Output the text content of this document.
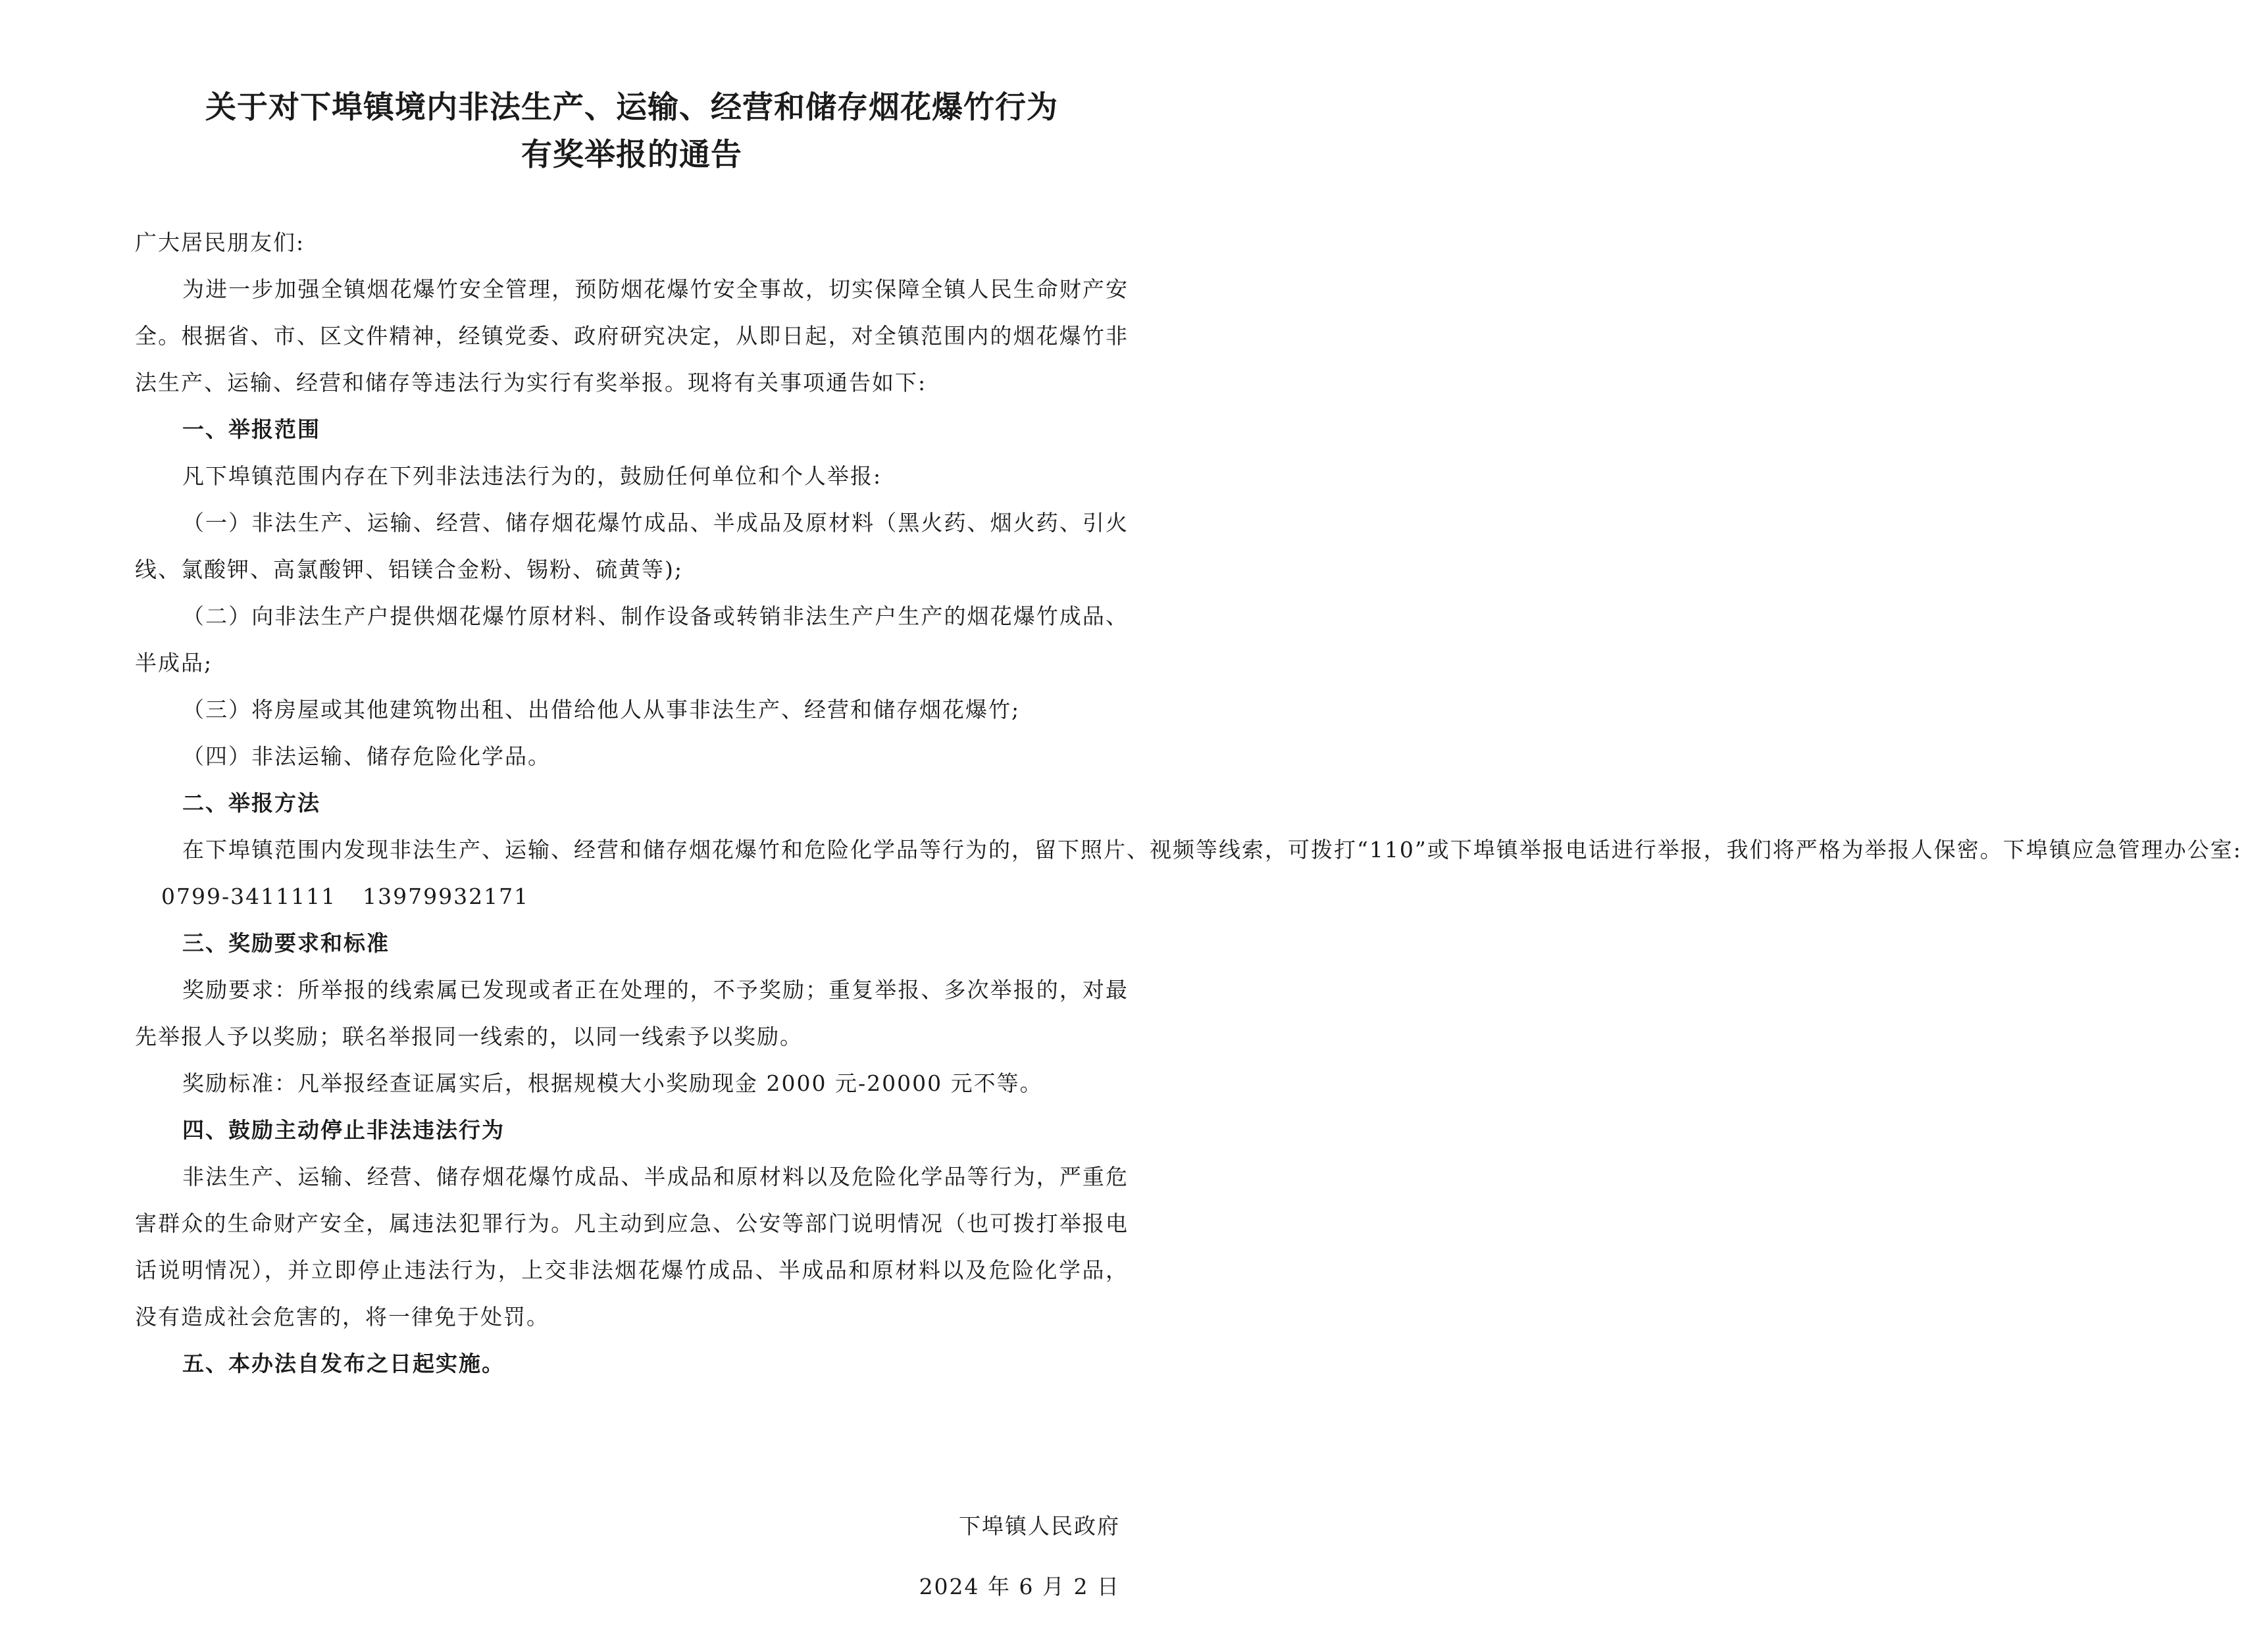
关于对下埠镇境内非法生产、运输、经营和储存烟花爆竹行为
有奖举报的通告

广大居民朋友们:

为进一步加强全镇烟花爆竹安全管理，预防烟花爆竹安全事故，切实保障全镇人民生命财产安全。根据省、市、区文件精神，经镇党委、政府研究决定，从即日起，对全镇范围内的烟花爆竹非法生产、运输、经营和储存等违法行为实行有奖举报。现将有关事项通告如下:

一、举报范围

凡下埠镇范围内存在下列非法违法行为的，鼓励任何单位和个人举报:

（一）非法生产、运输、经营、储存烟花爆竹成品、半成品及原材料（黑火药、烟火药、引火线、氯酸钾、高氯酸钾、铝镁合金粉、锡粉、硫黄等);

（二）向非法生产户提供烟花爆竹原材料、制作设备或转销非法生产户生产的烟花爆竹成品、半成品;

（三）将房屋或其他建筑物出租、出借给他人从事非法生产、经营和储存烟花爆竹;

（四）非法运输、储存危险化学品。

二、举报方法

在下埠镇范围内发现非法生产、运输、经营和储存烟花爆竹和危险化学品等行为的，留下照片、视频等线索，可拨打“110”或下埠镇举报电话进行举报，我们将严格为举报人保密。下埠镇应急管理办公室:0799-3411111 13979932171

三、奖励要求和标准

奖励要求：所举报的线索属已发现或者正在处理的，不予奖励；重复举报、多次举报的，对最先举报人予以奖励；联名举报同一线索的，以同一线索予以奖励。

奖励标准：凡举报经查证属实后，根据规模大小奖励现金 2000 元-20000 元不等。

四、鼓励主动停止非法违法行为

非法生产、运输、经营、储存烟花爆竹成品、半成品和原材料以及危险化学品等行为，严重危害群众的生命财产安全，属违法犯罪行为。凡主动到应急、公安等部门说明情况（也可拨打举报电话说明情况），并立即停止违法行为，上交非法烟花爆竹成品、半成品和原材料以及危险化学品，没有造成社会危害的，将一律免于处罚。

五、本办法自发布之日起实施。

下埠镇人民政府
2024 年 6 月 2 日
